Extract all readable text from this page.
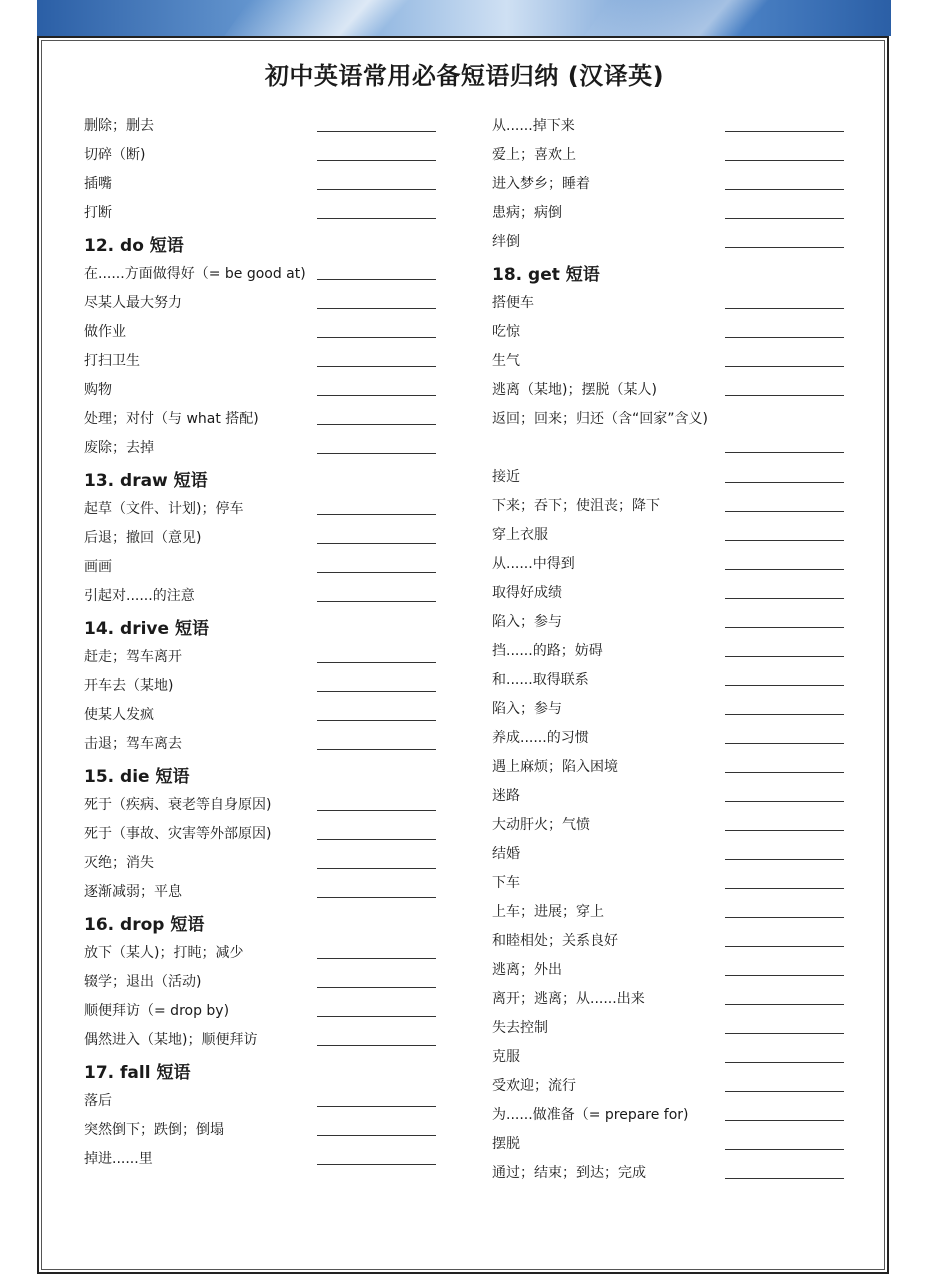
初中英语常用必备短语归纳 (汉译英)
删除；删去
切碎（断)
插嘴
打断
12. do 短语
在......方面做得好（= be good at)
尽某人最大努力
做作业
打扫卫生
购物
处理；对付（与 what 搭配)
废除；去掉
13. draw 短语
起草（文件、计划)；停车
后退；撤回（意见)
画画
引起对......的注意
14. drive 短语
赶走；驾车离开
开车去（某地)
使某人发疯
击退；驾车离去
15. die 短语
死于（疾病、衰老等自身原因)
死于（事故、灾害等外部原因)
灭绝；消失
逐渐减弱；平息
16. drop 短语
放下（某人)；打盹；减少
辍学；退出（活动)
顺便拜访（= drop by)
偶然进入（某地)；顺便拜访
17. fall 短语
落后
突然倒下；跌倒；倒塌
掉进......里
从......掉下来
爱上；喜欢上
进入梦乡；睡着
患病；病倒
绊倒
18. get 短语
搭便车
吃惊
生气
逃离（某地)；摆脱（某人)
返回；回来；归还（含“回家”含义)
接近
下来；吞下；使沮丧；降下
穿上衣服
从......中得到
取得好成绩
陷入；参与
挡......的路；妨碍
和......取得联系
陷入；参与
养成......的习惯
遇上麻烦；陷入困境
迷路
大动肝火；气愤
结婚
下车
上车；进展；穿上
和睦相处；关系良好
逃离；外出
离开；逃离；从......出来
失去控制
克服
受欢迎；流行
为......做准备（= prepare for)
摆脱
通过；结束；到达；完成
